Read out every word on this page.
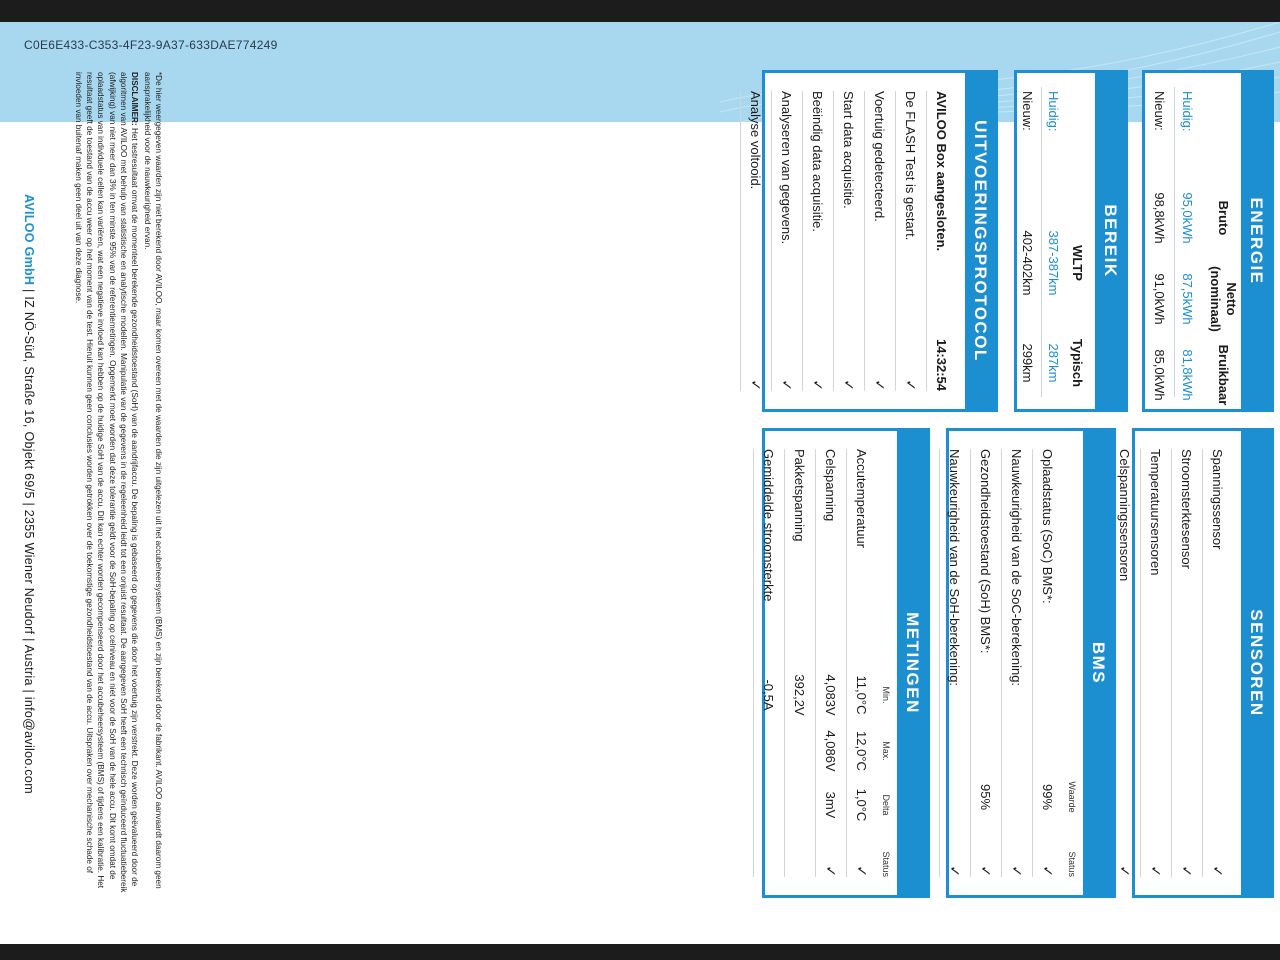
C0E6E433-C353-4F23-9A37-633DAE774249
ENERGIE
Bruto
Netto (nominaal)
Bruikbaar
Huidig:
95,0kWh
87,5kWh
81,8kWh
Nieuw:
98,8kWh
91,0kWh
85,0kWh
BEREIK
WLTP
Typisch
Huidig:
387-387km
287km
Nieuw:
402-402km
299km
UITVOERINGSPROTOCOL
AVILOO Box aangesloten.
14:32:54
De FLASH Test is gestart.
✓
Voertuig gedetecteerd.
✓
Start data acquisitie.
✓
Beëindig data acquisitie.
✓
Analyseren van gegevens.
✓
Analyse voltooid.
✓
SENSOREN
Spanningssensor
✓
Stroomsterktesensor
✓
Temperatuursensoren
✓
Celspanningssensoren
✓
BMS
Waarde
Status
Oplaadstatus (SoC) BMS*:
99%
✓
Nauwkeurigheid van de SoC-berekening:
✓
Gezondheidstoestand (SoH) BMS*:
95%
✓
Nauwkeurigheid van de SoH-berekening:
✓
METINGEN
Min.
Max.
Delta
Status
Accutemperatuur
11,0°C
12,0°C
1,0°C
✓
Celspanning
4,083V
4,086V
3mV
✓
Pakketspanning
392,2V
Gemiddelde stroomsterkte
-0,5A
*De hier weergegeven waarden zijn niet berekend door AVILOO, maar komen overeen met de waarden die zijn uitgelezen uit het accubeheersysteem (BMS) en zijn berekend door de fabrikant. AVILOO aanvaardt daarom geen aansprakelijkheid voor de nauwkeurigheid ervan.
DISCLAIMER: Het testresultaat omvat de momenteel berekende gezondheidstoestand (SoH) van de aandrijfaccu. De bepaling is gebaseerd op gegevens die door het voertuig zijn verstrekt. Deze worden geëvalueerd door de algoritmen van AVILOO met behulp van statistische en analytische modellen. Manipulatie van de gegevens in de regeleenheid leidt tot een onjuist resultaat. De aangegeven SoH heeft een technisch geïnduceerd fluctuatiebereik (afwijking) van niet meer dan 3% in ten minste 95% van de referentiemetingen. Opgemerkt moet worden dat deze tolerantie geldt voor de SoH-bepaling op celniveau en niet voor de SoH van de hele accu. Dit komt omdat de oplaadstatus van individuele cellen kan variëren, wat een negatieve invloed kan hebben op de huidige SoH van de accu. Dit kan echter worden gecompenseerd door het accubeheersysteem (BMS) of tijdens een kalibratie. Het resultaat geeft de toestand van de accu weer op het moment van de test. Hieruit kunnen geen conclusies worden getrokken over de toekomstige gezondheidstoestand van de accu. Uitspraken over mechanische schade of invloeden van buitenaf maken geen deel uit van deze diagnose.
AVILOO GmbH | IZ NÖ-Süd, Straße 16, Objekt 69/5 | 2355 Wiener Neudorf | Austria | info@aviloo.com
